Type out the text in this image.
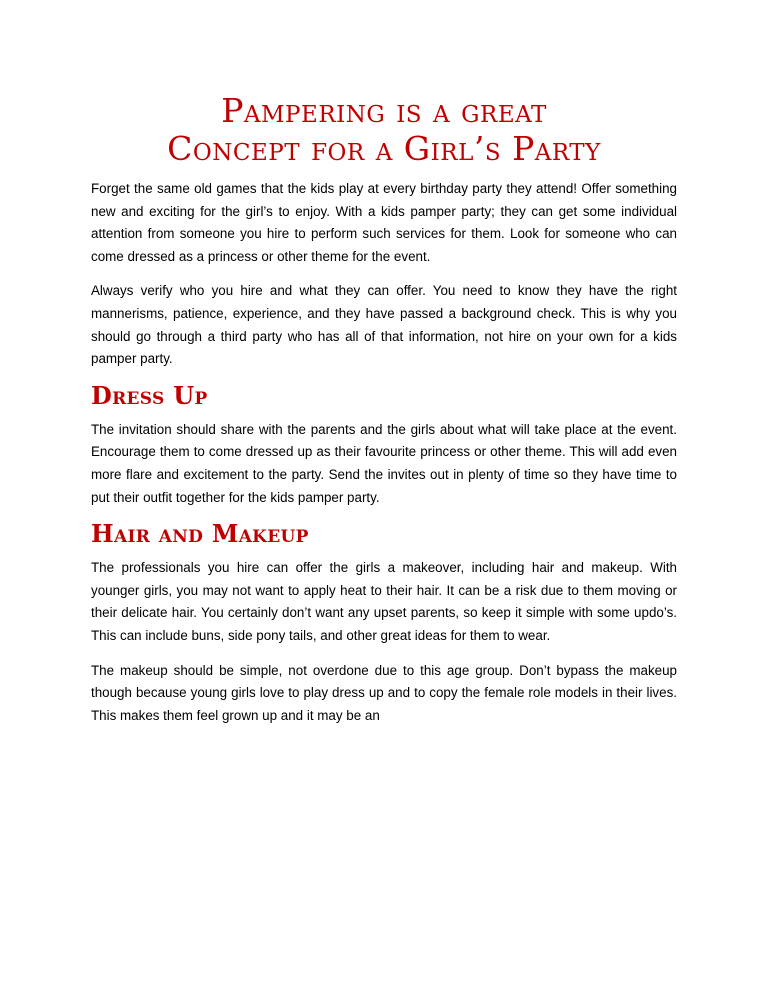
Pampering is a great
Concept for a Girl’s Party

Forget the same old games that the kids play at every birthday party they attend! Offer something new and exciting for the girl’s to enjoy. With a kids pamper party; they can get some individual attention from someone you hire to perform such services for them. Look for someone who can come dressed as a princess or other theme for the event.

Always verify who you hire and what they can offer. You need to know they have the right mannerisms, patience, experience, and they have passed a background check. This is why you should go through a third party who has all of that information, not hire on your own for a kids pamper party.

Dress Up

The invitation should share with the parents and the girls about what will take place at the event. Encourage them to come dressed up as their favourite princess or other theme. This will add even more flare and excitement to the party. Send the invites out in plenty of time so they have time to put their outfit together for the kids pamper party.

Hair and Makeup

The professionals you hire can offer the girls a makeover, including hair and makeup. With younger girls, you may not want to apply heat to their hair. It can be a risk due to them moving or their delicate hair. You certainly don’t want any upset parents, so keep it simple with some updo’s. This can include buns, side pony tails, and other great ideas for them to wear.

The makeup should be simple, not overdone due to this age group. Don’t bypass the makeup though because young girls love to play dress up and to copy the female role models in their lives. This makes them feel grown up and it may be an
